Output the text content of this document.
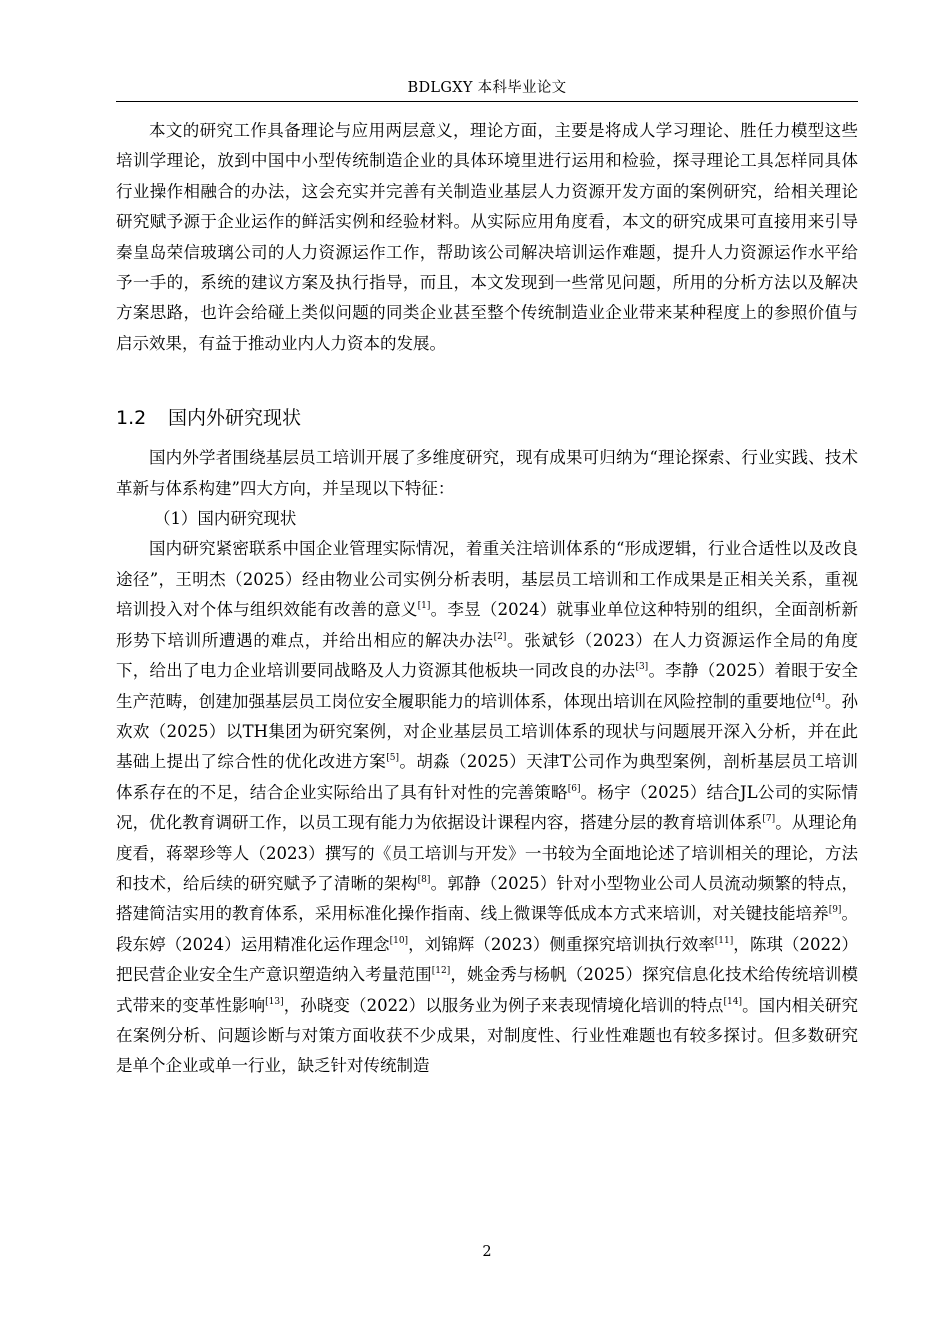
BDLGXY 本科毕业论文

本文的研究工作具备理论与应用两层意义，理论方面，主要是将成人学习理论、胜任力模型这些培训学理论，放到中国中小型传统制造企业的具体环境里进行运用和检验，探寻理论工具怎样同具体行业操作相融合的办法，这会充实并完善有关制造业基层人力资源开发方面的案例研究，给相关理论研究赋予源于企业运作的鲜活实例和经验材料。从实际应用角度看，本文的研究成果可直接用来引导秦皇岛荣信玻璃公司的人力资源运作工作，帮助该公司解决培训运作难题，提升人力资源运作水平给予一手的，系统的建议方案及执行指导，而且，本文发现到一些常见问题，所用的分析方法以及解决方案思路，也许会给碰上类似问题的同类企业甚至整个传统制造业企业带来某种程度上的参照价值与启示效果，有益于推动业内人力资本的发展。

1.2 国内外研究现状

国内外学者围绕基层员工培训开展了多维度研究，现有成果可归纳为“理论探索、行业实践、技术革新与体系构建”四大方向，并呈现以下特征：

（1）国内研究现状

国内研究紧密联系中国企业管理实际情况，着重关注培训体系的“形成逻辑，行业合适性以及改良途径”，王明杰（2025）经由物业公司实例分析表明，基层员工培训和工作成果是正相关关系，重视培训投入对个体与组织效能有改善的意义[1]。李昱（2024）就事业单位这种特别的组织，全面剖析新形势下培训所遭遇的难点，并给出相应的解决办法[2]。张斌钐（2023）在人力资源运作全局的角度下，给出了电力企业培训要同战略及人力资源其他板块一同改良的办法[3]。李静（2025）着眼于安全生产范畴，创建加强基层员工岗位安全履职能力的培训体系，体现出培训在风险控制的重要地位[4]。孙欢欢（2025）以TH集团为研究案例，对企业基层员工培训体系的现状与问题展开深入分析，并在此基础上提出了综合性的优化改进方案[5]。胡淼（2025）天津T公司作为典型案例，剖析基层员工培训体系存在的不足，结合企业实际给出了具有针对性的完善策略[6]。杨宇（2025）结合JL公司的实际情况，优化教育调研工作，以员工现有能力为依据设计课程内容，搭建分层的教育培训体系[7]。从理论角度看，蒋翠珍等人（2023）撰写的《员工培训与开发》一书较为全面地论述了培训相关的理论，方法和技术，给后续的研究赋予了清晰的架构[8]。郭静（2025）针对小型物业公司人员流动频繁的特点，搭建简洁实用的教育体系，采用标准化操作指南、线上微课等低成本方式来培训，对关键技能培养[9]。段东婷（2024）运用精准化运作理念[10]，刘锦辉（2023）侧重探究培训执行效率[11]，陈琪（2022）把民营企业安全生产意识塑造纳入考量范围[12]，姚金秀与杨帆（2025）探究信息化技术给传统培训模式带来的变革性影响[13]，孙晓变（2022）以服务业为例子来表现情境化培训的特点[14]。国内相关研究在案例分析、问题诊断与对策方面收获不少成果，对制度性、行业性难题也有较多探讨。但多数研究是单个企业或单一行业，缺乏针对传统制造

2
